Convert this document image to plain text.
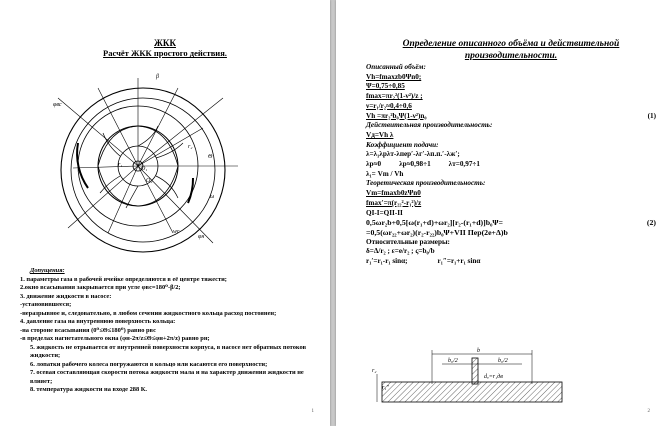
ЖКК
Расчёт ЖКК простого действия.
O₁
O₂
r₁
r₂
Θ
ω
wr
φн
φвс
β
Допущения:
1. параметры газа в рабочей ячейке определяются в её центре тяжести;
2.окно всасывания закрывается при угле φвс=180⁰-β/2;
3. движение жидкости в насосе:
-установившееся;
-неразрывное и, следовательно, в любом сечении жидкостного кольца расход постоянен;
4. давление газа на внутреннюю поверхность кольца:
-на стороне всасывания (0⁰≤Θ≤180⁰) равно pвс
-в пределах нагнетательного окна (φн-2π/z≤Θ≤φн+2π/z) равно pн;
5. жидкость не отрывается от внутренней поверхности корпуса, в насосе нет обратных потоков жидкости;
6. лопатки рабочего колеса погружаются в кольцо или касаются его поверхности;
7. осевая составляющая скорости потока жидкости мала и на характер движения жидкости не влияет;
8. температура жидкости на входе 288 К.
1
Определение описанного объёма и действительной производительности.
Описанный объём:
Vh=fmaxzb0Ψn0;
Ψ=0,75÷0,85
fmax=πr₂²(1-ν²)/z ;
ν=r₁/r₂≈0,4÷0,6
Vh =πr₂²b₀Ψ(1-ν²)n₀	(1)
Действительная производительность:
Vд=Vh λ
Коэффициент подачи:
λ=λ₁λрλт-λпер′-λг′-λп.п.′-λж′;
λр≈0	λр≈0,98÷1	λт=0,97÷1
λ₁= Vm / Vh
Теоретическая производительность:
Vm=fmaxb0zΨn0
fmax′=π(r₂₂²-r₁²)/z
QI-I=QII-II
0,5ωr₂b+0,5[ω(r₁+d)+ωr₂][r₂-(r₁+d)]b₀Ψ=	(2)
=0,5(ωr₂₂+ωr₂)(r₂-r₂₂)b₀Ψ+VII Пер(2e+Δ)b
Относительные размеры:
δ=Δ/r₂ ; ε=e/r₂ ; ς=b₀/b
r₁′=r₁-r₁ sinα;	r₁″=r₁+r₁ sinα
b
b₀/2	b₀/2
dₒ=r₁дв
r₁″
r₂
2
